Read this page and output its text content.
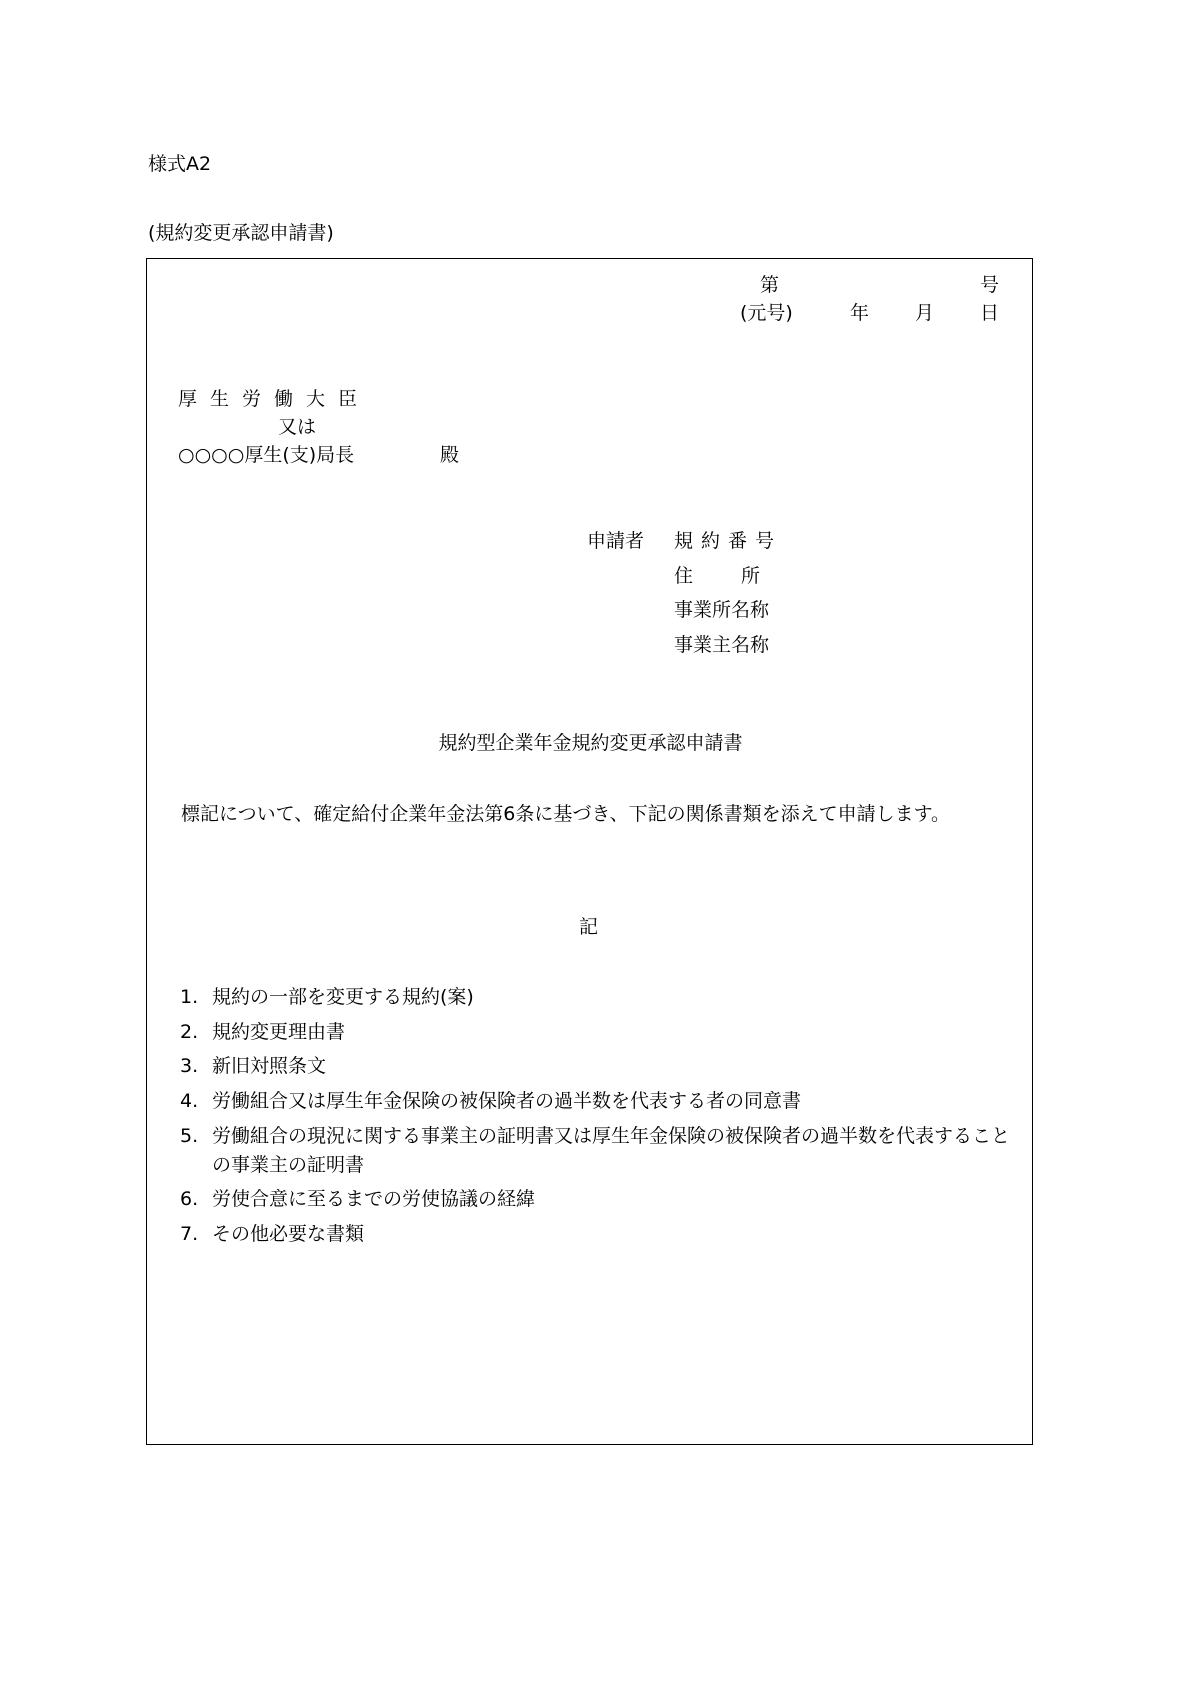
様式A2
(規約変更承認申請書)
第	号
(元号)	年 月 日
厚生労働大臣
又は
○○○○厚生(支)局長	殿
申請者 規約番号
住所
事業所名称
事業主名称
規約型企業年金規約変更承認申請書
標記について、確定給付企業年金法第6条に基づき、下記の関係書類を添えて申請します。
記
1. 規約の一部を変更する規約(案)
2. 規約変更理由書
3. 新旧対照条文
4. 労働組合又は厚生年金保険の被保険者の過半数を代表する者の同意書
5. 労働組合の現況に関する事業主の証明書又は厚生年金保険の被保険者の過半数を代表することの事業主の証明書
6. 労使合意に至るまでの労使協議の経緯
7. その他必要な書類
